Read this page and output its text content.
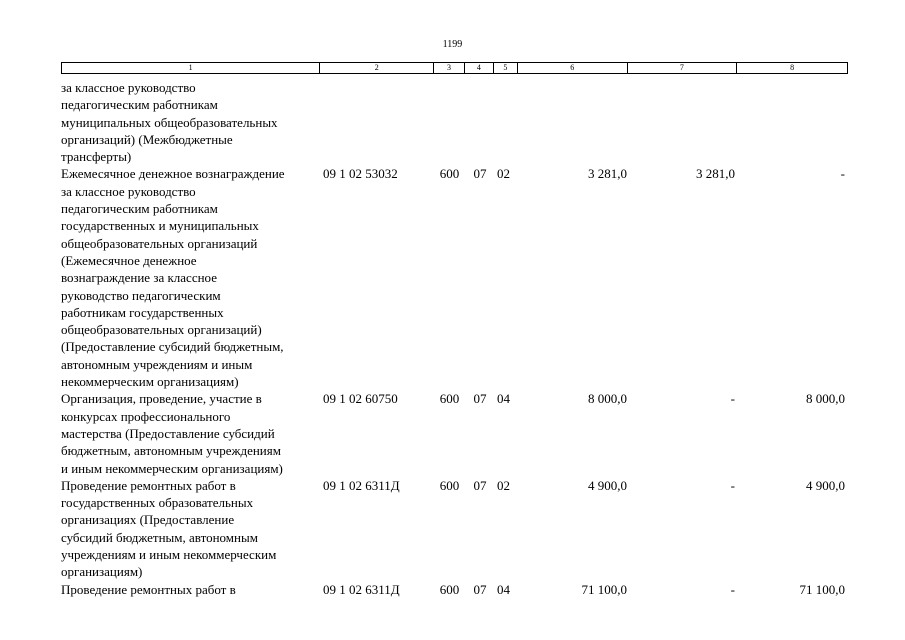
1199
1	2	3	4	5	6	7	8
за классное руководство
педагогическим работникам
муниципальных общеобразовательных
организаций) (Межбюджетные
трансферты)
Ежемесячное денежное вознаграждение
за классное руководство
педагогическим работникам
государственных и муниципальных
общеобразовательных организаций
(Ежемесячное денежное
вознаграждение за классное
руководство педагогическим
работникам государственных
общеобразовательных организаций)
(Предоставление субсидий бюджетным,
автономным учреждениям и иным
некоммерческим организациям)
09 1 02 53032	600	07 02	3 281,0	3 281,0	-
Организация, проведение, участие в
конкурсах профессионального
мастерства (Предоставление субсидий
бюджетным, автономным учреждениям
и иным некоммерческим организациям)
09 1 02 60750	600	07 04	8 000,0	-	8 000,0
Проведение ремонтных работ в
государственных образовательных
организациях (Предоставление
субсидий бюджетным, автономным
учреждениям и иным некоммерческим
организациям)
09 1 02 6311Д	600	07 02	4 900,0	-	4 900,0
Проведение ремонтных работ в	09 1 02 6311Д	600	07 04	71 100,0	-	71 100,0
